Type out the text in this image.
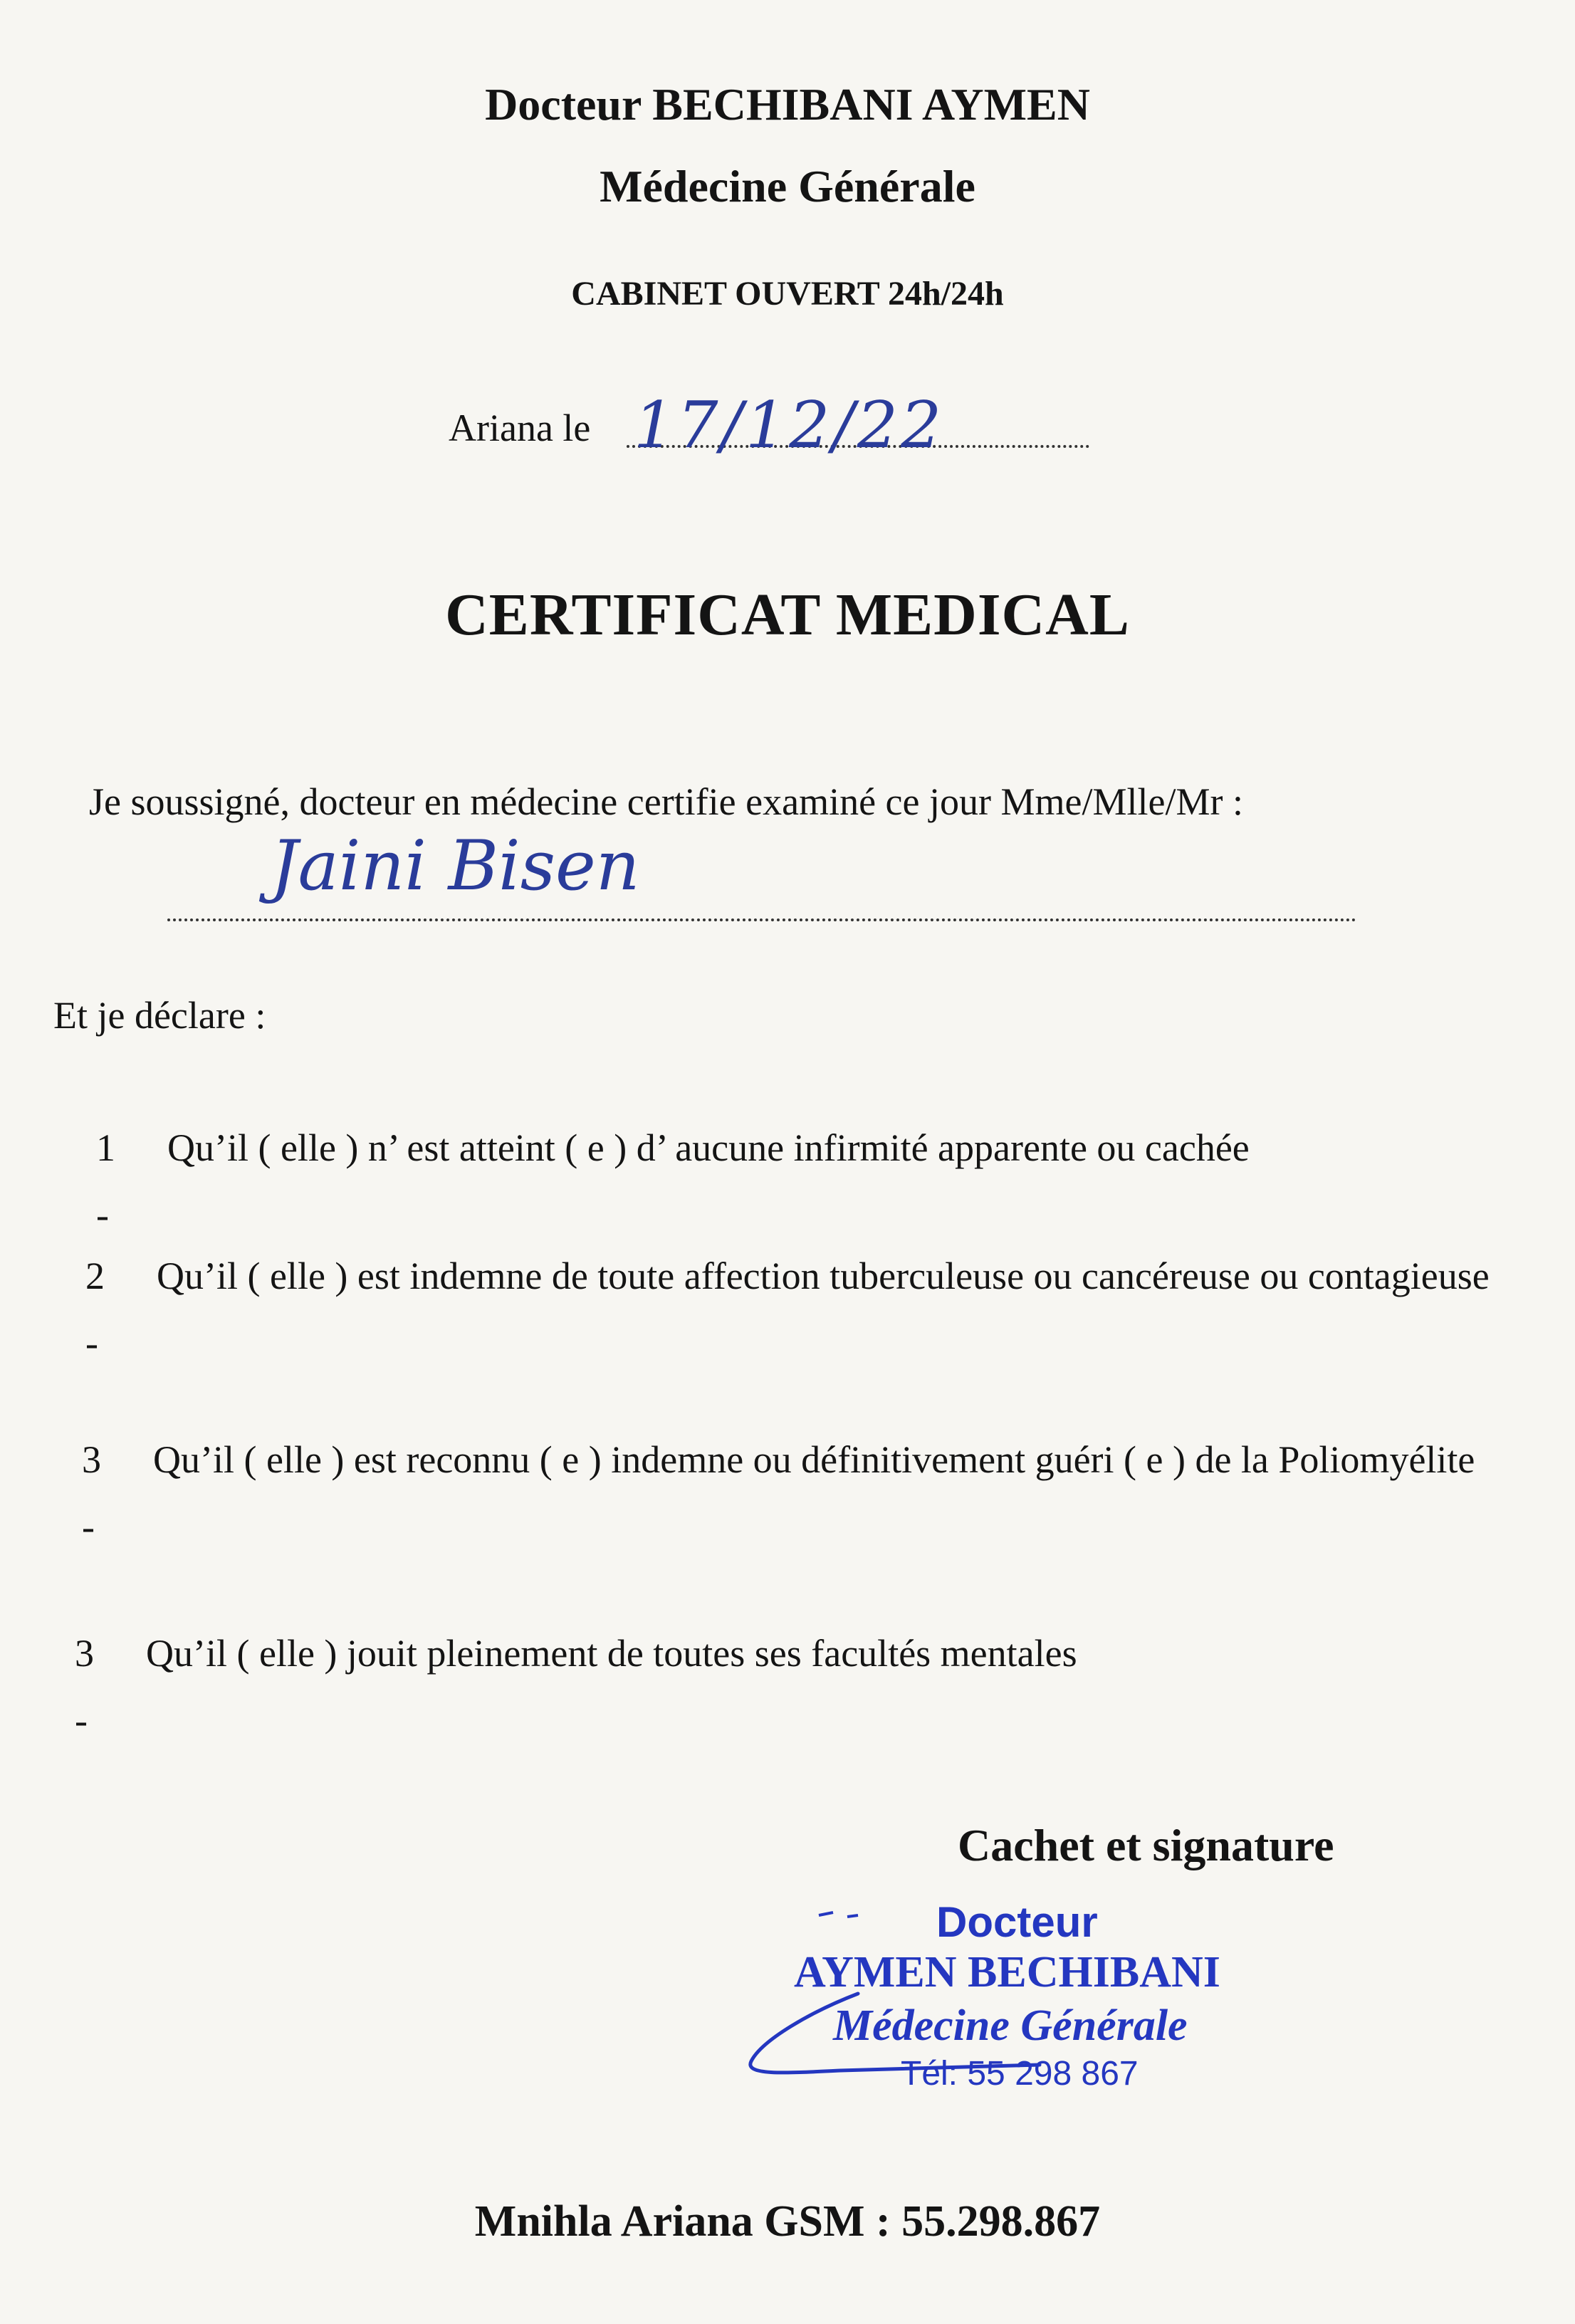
Docteur BECHIBANI AYMEN
Médecine Générale
CABINET OUVERT 24h/24h
Ariana le 17/12/22
CERTIFICAT MEDICAL
Je soussigné, docteur en médecine certifie examiné ce jour Mme/Mlle/Mr :
Jaini Bisen
Et je déclare :
1 -
Qu’il ( elle ) n’ est atteint ( e ) d’ aucune infirmité apparente ou cachée
2 -
Qu’il ( elle ) est indemne de toute affection tuberculeuse ou cancéreuse ou contagieuse
3 -
Qu’il ( elle ) est reconnu ( e ) indemne ou définitivement guéri ( e ) de la Poliomyélite
3 -
Qu’il ( elle ) jouit pleinement de toutes ses facultés mentales
Cachet et signature
Docteur
AYMEN BECHIBANI
Médecine Générale
Tél: 55 298 867
Mnihla Ariana GSM : 55.298.867
